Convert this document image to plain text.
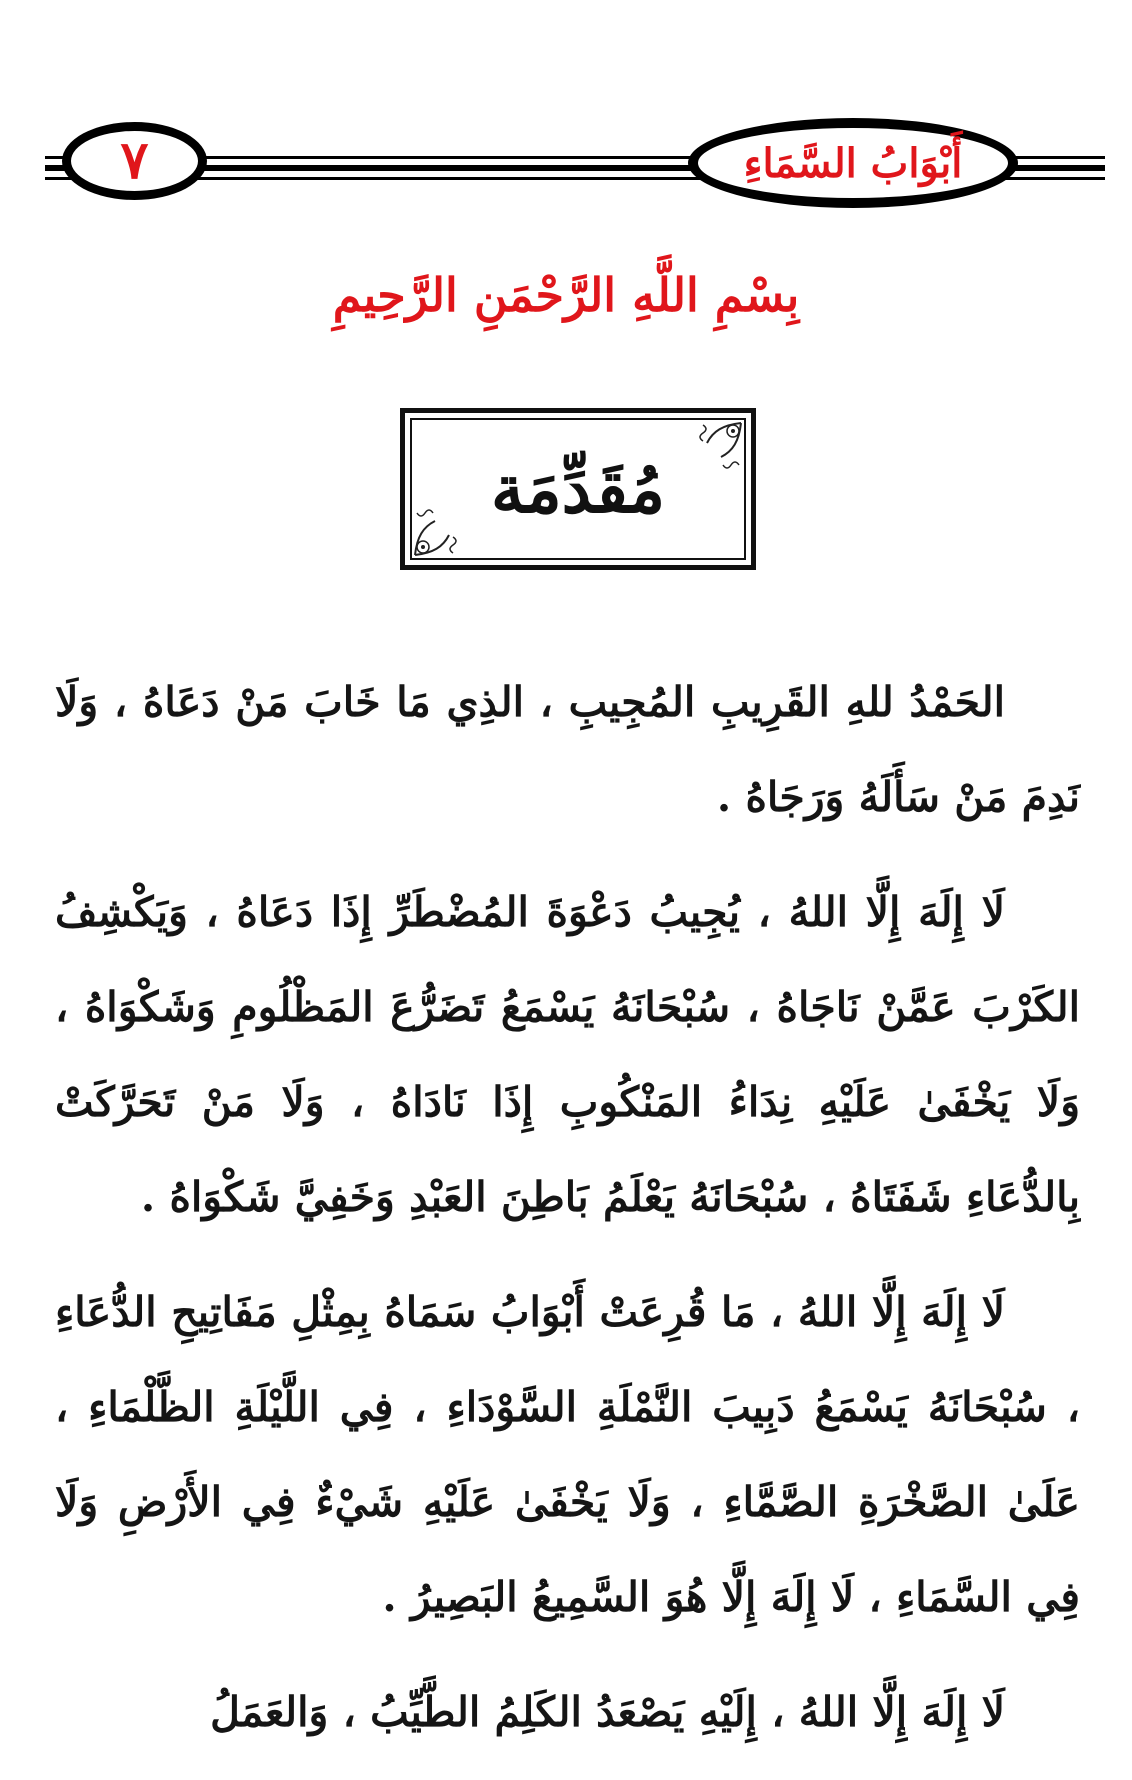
٧	أَبْوَابُ السَّمَاءِ
بِسْمِ اللَّهِ الرَّحْمَنِ الرَّحِيمِ
مُقَدِّمَة

الحَمْدُ للهِ القَرِيبِ المُجِيبِ ، الذِي مَا خَابَ مَنْ دَعَاهُ ، وَلَا نَدِمَ مَنْ سَأَلَهُ وَرَجَاهُ .

لَا إِلَهَ إِلَّا اللهُ ، يُجِيبُ دَعْوَةَ المُضْطَرِّ إِذَا دَعَاهُ ، وَيَكْشِفُ الكَرْبَ عَمَّنْ نَاجَاهُ ، سُبْحَانَهُ يَسْمَعُ تَضَرُّعَ المَظْلُومِ وَشَكْوَاهُ ، وَلَا يَخْفَىٰ عَلَيْهِ نِدَاءُ المَنْكُوبِ إِذَا نَادَاهُ ، وَلَا مَنْ تَحَرَّكَتْ بِالدُّعَاءِ شَفَتَاهُ ، سُبْحَانَهُ يَعْلَمُ بَاطِنَ العَبْدِ وَخَفِيَّ شَكْوَاهُ .

لَا إِلَهَ إِلَّا اللهُ ، مَا قُرِعَتْ أَبْوَابُ سَمَاهُ بِمِثْلِ مَفَاتِيحِ الدُّعَاءِ ، سُبْحَانَهُ يَسْمَعُ دَبِيبَ النَّمْلَةِ السَّوْدَاءِ ، فِي اللَّيْلَةِ الظَّلْمَاءِ ، عَلَىٰ الصَّخْرَةِ الصَّمَّاءِ ، وَلَا يَخْفَىٰ عَلَيْهِ شَيْءٌ فِي الأَرْضِ وَلَا فِي السَّمَاءِ ، لَا إِلَهَ إِلَّا هُوَ السَّمِيعُ البَصِيرُ .

لَا إِلَهَ إِلَّا اللهُ ، إِلَيْهِ يَصْعَدُ الكَلِمُ الطَّيِّبُ ، وَالعَمَلُ
